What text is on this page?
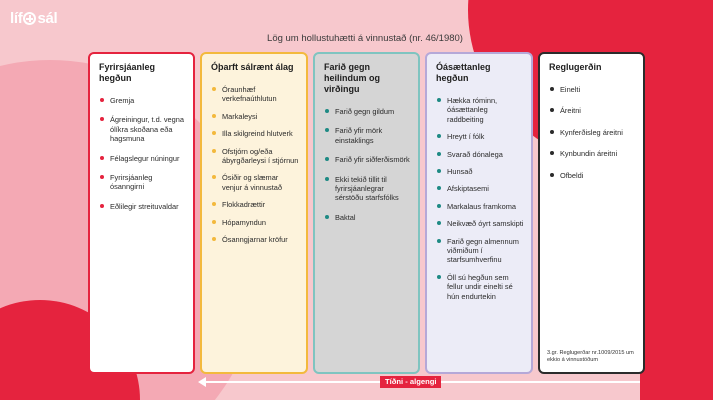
líf sál
Lög um hollustuhætti á vinnustað (nr. 46/1980)
Fyrirsjáanleg hegðun
Gremja
Ágreiningur, t.d. vegna ólíkra skoðana eða hagsmuna
Félagslegur núningur
Fyrirsjáanleg ósanngirni
Eðlilegir streituvaldar
Óþarft sálrænt álag
Óraunhæf verkefnaúthlutun
Markaleysi
Illa skilgreind hlutverk
Ofstjórn og/eða ábyrgðarleysi í stjórnun
Ósiðir og slæmar venjur á vinnustað
Flokkadrættir
Hópamyndun
Ósanngjarnar kröfur
Farið gegn heilindum og virðingu
Farið gegn gildum
Farið yfir mörk einstaklings
Farið yfir siðferðismörk
Ekki tekið tillit til fyrirsjáanlegrar sérstöðu starfsfólks
Baktal
Óásættanleg hegðun
Hækka róminn, óásættanleg raddbeiting
Hreytt í fólk
Svarað dónalega
Hunsað
Afskiptasemi
Markalaus framkoma
Neikvæð óyrt samskipti
Farið gegn almennum viðmiðum í starfsumhverfinu
Öll sú hegðun sem fellur undir einelti sé hún endurtekin
Reglugerðin
Einelti
Áreitni
Kynferðisleg áreitni
Kynbundin áreitni
Ofbeldi
3.gr. Reglugerðar nr.1009/2015 um ekkio á vinnustöðum
Tíðni - algengi
